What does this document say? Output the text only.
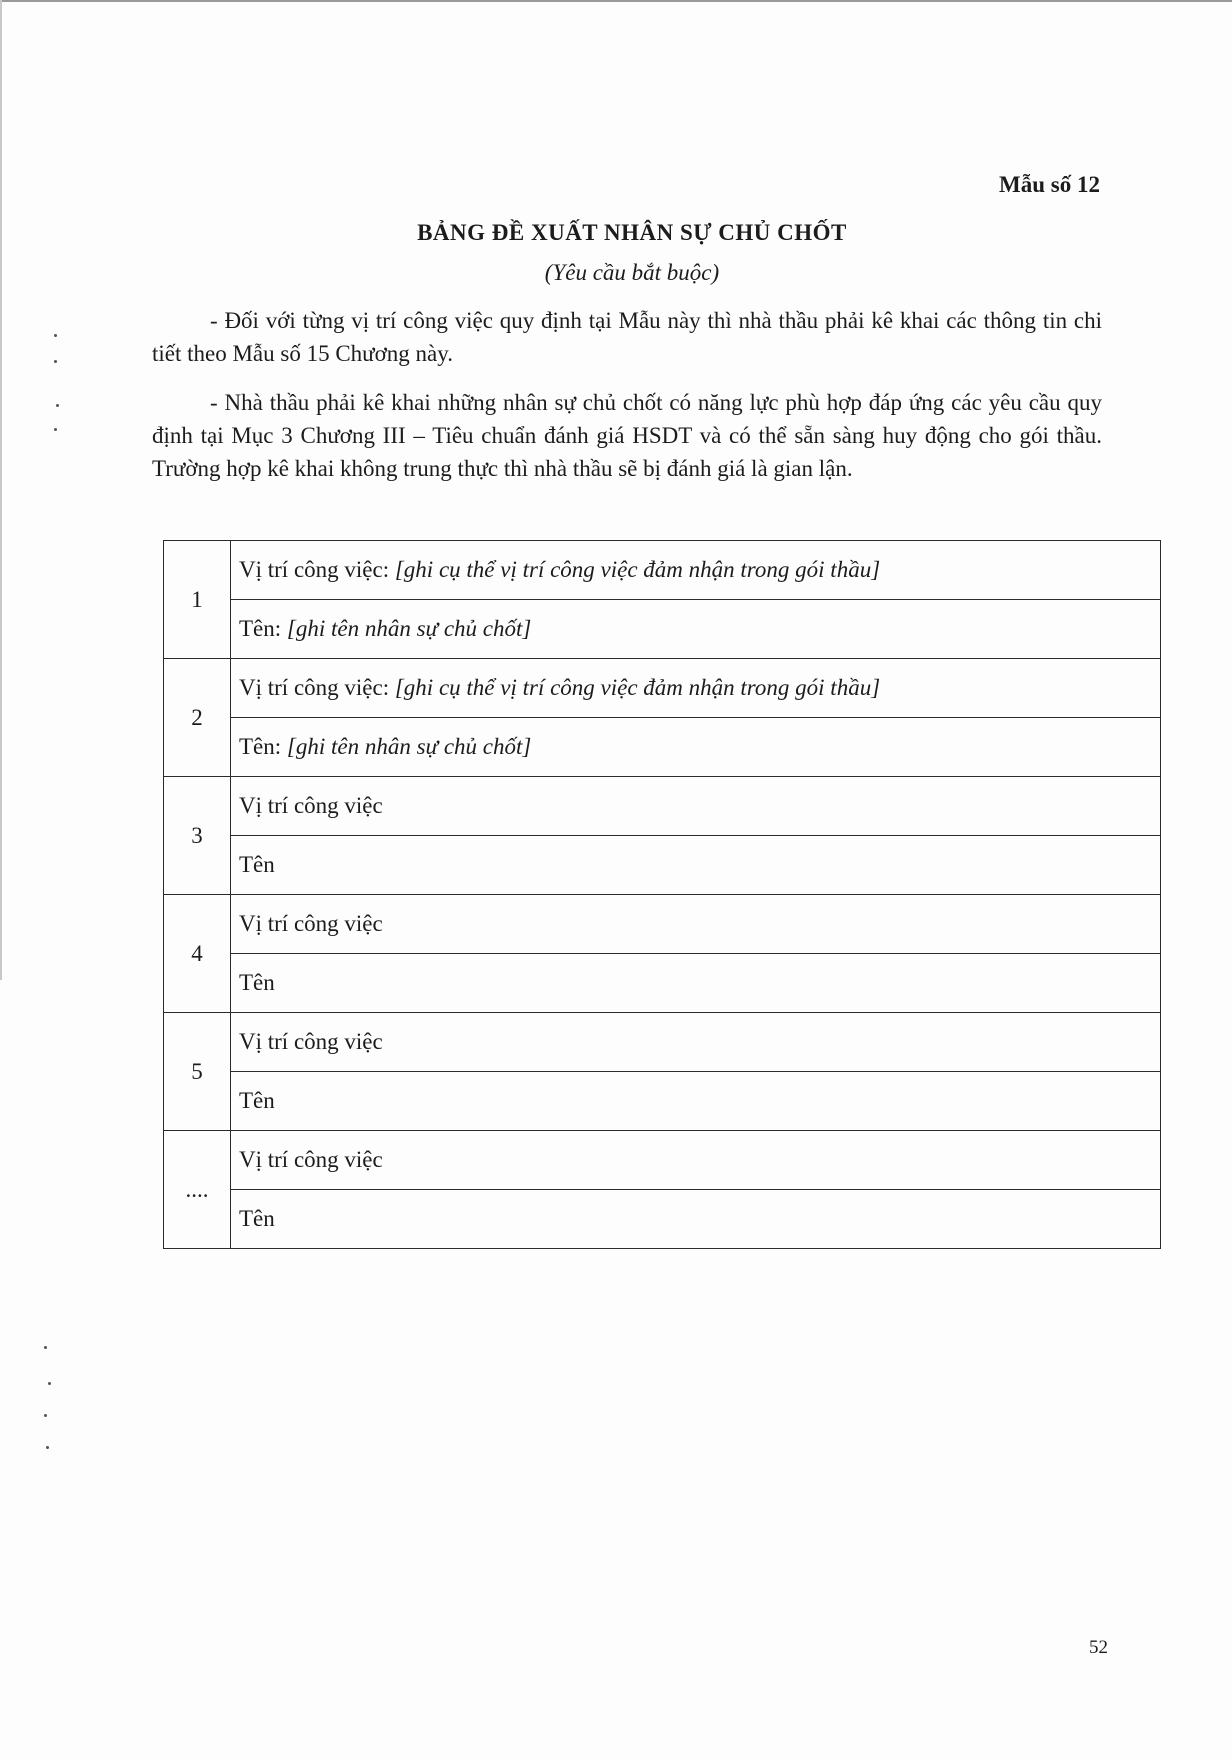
Mẫu số 12
BẢNG ĐỀ XUẤT NHÂN SỰ CHỦ CHỐT
(Yêu cầu bắt buộc)

- Đối với từng vị trí công việc quy định tại Mẫu này thì nhà thầu phải kê khai các thông tin chi tiết theo Mẫu số 15 Chương này.

- Nhà thầu phải kê khai những nhân sự chủ chốt có năng lực phù hợp đáp ứng các yêu cầu quy định tại Mục 3 Chương III – Tiêu chuẩn đánh giá HSDT và có thể sẵn sàng huy động cho gói thầu. Trường hợp kê khai không trung thực thì nhà thầu sẽ bị đánh giá là gian lận.

1	Vị trí công việc: [ghi cụ thể vị trí công việc đảm nhận trong gói thầu]
	Tên: [ghi tên nhân sự chủ chốt]
2	Vị trí công việc: [ghi cụ thể vị trí công việc đảm nhận trong gói thầu]
	Tên: [ghi tên nhân sự chủ chốt]
3	Vị trí công việc
	Tên
4	Vị trí công việc
	Tên
5	Vị trí công việc
	Tên
....	Vị trí công việc
	Tên
52
